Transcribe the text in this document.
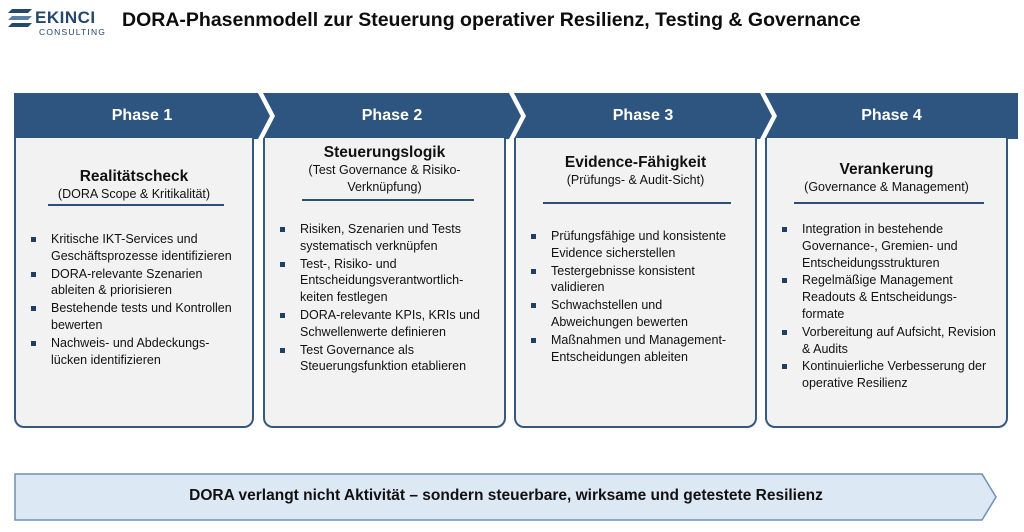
EKINCI
CONSULTING
DORA-Phasenmodell zur Steuerung operativer Resilienz, Testing & Governance
Phase 1	Phase 2	Phase 3	Phase 4
Realitätscheck
(DORA Scope & Kritikalität)
Kritische IKT-Services und Geschäftsprozesse identifizieren
DORA-relevante Szenarien ableiten & priorisieren
Bestehende tests und Kontrollen bewerten
Nachweis- und Abdeckungs-lücken identifizieren
Steuerungslogik
(Test Governance & Risiko-Verknüpfung)
Risiken, Szenarien und Tests systematisch verknüpfen
Test-, Risiko- und Entscheidungsverantwortlich-keiten festlegen
DORA-relevante KPIs, KRIs und Schwellenwerte definieren
Test Governance als Steuerungsfunktion etablieren
Evidence-Fähigkeit
(Prüfungs- & Audit-Sicht)
Prüfungsfähige und konsistente Evidence sicherstellen
Testergebnisse konsistent validieren
Schwachstellen und Abweichungen bewerten
Maßnahmen und Management-Entscheidungen ableiten
Verankerung
(Governance & Management)
Integration in bestehende Governance-, Gremien- und Entscheidungsstrukturen
Regelmäßige Management Readouts & Entscheidungs-formate
Vorbereitung auf Aufsicht, Revision & Audits
Kontinuierliche Verbesserung der operative Resilienz
DORA verlangt nicht Aktivität – sondern steuerbare, wirksame und getestete Resilienz
